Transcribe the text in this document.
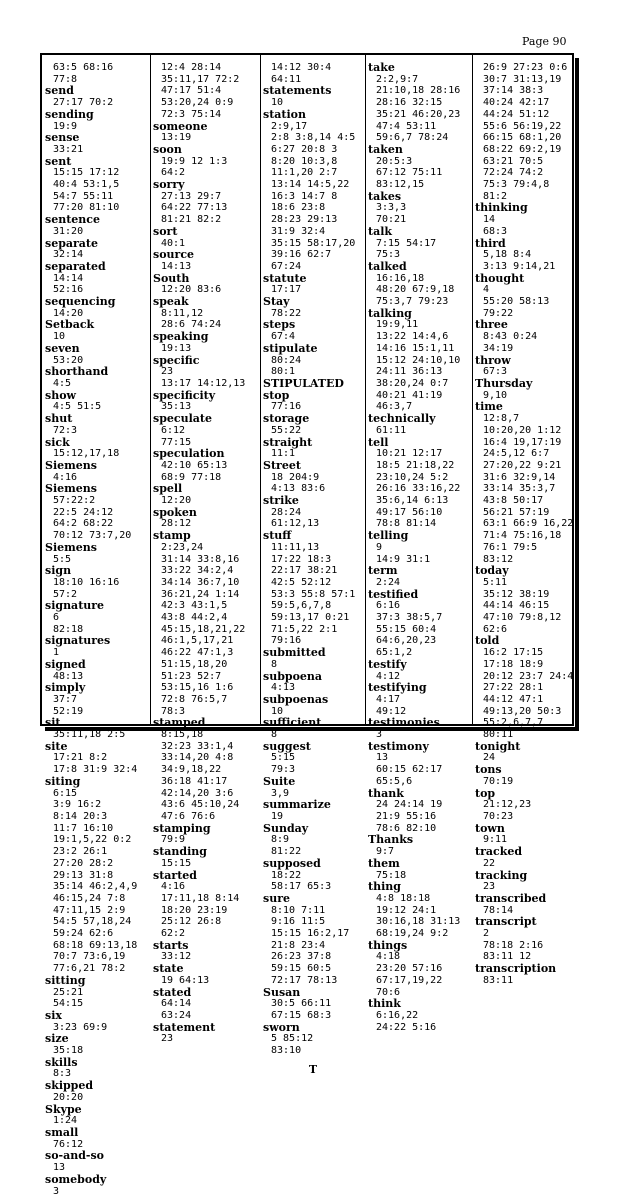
Page 90
63:5 68:16
77:8
send
27:17 70:2
sending
19:9
sense
33:21
sent
15:15 17:12
40:4 53:1,5
54:7 55:11
77:20 81:10
sentence
31:20
separate
32:14
separated
14:14
52:16
sequencing
14:20
Setback
10
seven
53:20
shorthand
4:5
show
4:5 51:5
shut
72:3
sick
15:12,17,18
Siemens
4:16
Siemens
57:22:2
22:5 24:12
64:2 68:22
70:12 73:7,20
Siemens
5:5
sign
18:10 16:16
57:2
signature
6
82:18
signatures
1
signed
48:13
simply
37:7
52:19
sit
35:11,18 2:5
site
17:21 8:2
17:8 31:9 32:4
siting
6:15
3:9 16:2
8:14 20:3
11:7 16:10
19:1,5,22 0:2
23:2 26:1
27:20 28:2
29:13 31:8
35:14 46:2,4,9
46:15,24 7:8
47:11,15 2:9
54:5 57,18,24
59:24 62:6
68:18 69:13,18
70:7 73:6,19
77:6,21 78:2
sitting
25:21
54:15
six
3:23 69:9
size
35:18
skills
8:3
skipped
20:20
Skype
1:24
small
76:12
so-and-so
13
somebody
3
12:4 28:14
35:11,17 72:2
47:17 51:4
53:20,24 0:9
72:3 75:14
someone
13:19
soon
19:9 12 1:3
64:2
sorry
27:13 29:7
64:22 77:13
81:21 82:2
sort
40:1
source
14:13
South
12:20 83:6
speak
8:11,12
28:6 74:24
speaking
19:13
specific
23
13:17 14:12,13
specificity
35:13
speculate
6:12
77:15
speculation
42:10 65:13
68:9 77:18
spell
12:20
spoken
28:12
stamp
2:23,24
31:14 33:8,16
33:22 34:2,4
34:14 36:7,10
36:21,24 1:14
42:3 43:1,5
43:8 44:2,4
45:15,18,21,22
46:1,5,17,21
46:22 47:1,3
51:15,18,20
51:23 52:7
53:15,16 1:6
72:8 76:5,7
78:3
stamped
8:15,18
32:23 33:1,4
33:14,20 4:8
34:9,18,22
36:18 41:17
42:14,20 3:6
43:6 45:10,24
47:6 76:6
stamping
79:9
standing
15:15
started
4:16
17:11,18 8:14
18:20 23:19
25:12 26:8
62:2
starts
33:12
state
19 64:13
stated
64:14
63:24
statement
23
14:12 30:4
64:11
statements
10
station
2:9,17
2:8 3:8,14 4:5
6:27 20:8 3
8:20 10:3,8
11:1,20 2:7
13:14 14:5,22
16:3 14:7 8
18:6 23:8
28:23 29:13
31:9 32:4
35:15 58:17,20
39:16 62:7
67:24
statute
17:17
Stay
78:22
steps
67:4
stipulate
80:24
80:1
STIPULATED
stop
77:16
storage
55:22
straight
11:1
Street
18 204:9
4:13 83:6
strike
28:24
61:12,13
stuff
11:11,13
17:22 18:3
22:17 38:21
42:5 52:12
53:3 55:8 57:1
59:5,6,7,8
59:13,17 0:21
71:5,22 2:1
79:16
submitted
8
subpoena
4:13
subpoenas
10
sufficient
8
suggest
5:15
79:3
Suite
3,9
summarize
19
Sunday
8:9
81:22
supposed
18:22
58:17 65:3
sure
8:10 7:11
9:16 11:5
15:15 16:2,17
21:8 23:4
26:23 37:8
59:15 60:5
72:17 78:13
Susan
30:5 66:11
67:15 68:3
sworn
5 85:12
83:10
T
take
2:2,9:7
21:10,18 28:16
28:16 32:15
35:21 46:20,23
47:4 53:11
59:6,7 78:24
taken
20:5:3
67:12 75:11
83:12,15
takes
3:3,3
70:21
talk
7:15 54:17
75:3
talked
16:16,18
48:20 67:9,18
75:3,7 79:23
talking
19:9,11
13:22 14:4,6
14:16 15:1,11
15:12 24:10,10
24:11 36:13
38:20,24 0:7
40:21 41:19
46:3,7
technically
61:11
tell
10:21 12:17
18:5 21:18,22
23:10,24 5:2
26:16 33:16,22
35:6,14 6:13
49:17 56:10
78:8 81:14
telling
9
14:9 31:1
term
2:24
testified
6:16
37:3 38:5,7
55:15 60:4
64:6,20,23
65:1,2
testify
4:12
testifying
4:17
49:12
testimonies
3
testimony
13
60:15 62:17
65:5,6
thank
24 24:14 19
21:9 55:16
78:6 82:10
Thanks
9:7
them
75:18
thing
4:8 18:18
19:12 24:1
30:16,18 31:13
68:19,24 9:2
things
4:18
23:20 57:16
67:17,19,22
70:6
think
6:16,22
24:22 5:16
26:9 27:23 0:6
30:7 31:13,19
37:14 38:3
40:24 42:17
44:24 51:12
55:6 56:19,22
66:15 68:1,20
68:22 69:2,19
63:21 70:5
72:24 74:2
75:3 79:4,8
81:2
thinking
14
68:3
third
5,18 8:4
3:13 9:14,21
thought
4
55:20 58:13
79:22
three
8:43 0:24
34:19
throw
67:3
Thursday
9,10
time
12:8,7
10:20,20 1:12
16:4 19,17:19
24:5,12 6:7
27:20,22 9:21
31:6 32:9,14
33:14 35:3,7
43:8 50:17
56:21 57:19
63:1 66:9 16,22
71:4 75:16,18
76:1 79:5
83:12
today
5:11
35:12 38:19
44:14 46:15
47:10 79:8,12
62:6
told
16:2 17:15
17:18 18:9
20:12 23:7 24:4
27:22 28:1
44:12 47:1
49:13,20 50:3
55:2,6,7,7
80:11
tonight
24
tons
70:19
top
21:12,23
70:23
town
9:11
tracked
22
tracking
23
transcribed
78:14
transcript
2
78:18 2:16
83:11 12
transcription
83:11
